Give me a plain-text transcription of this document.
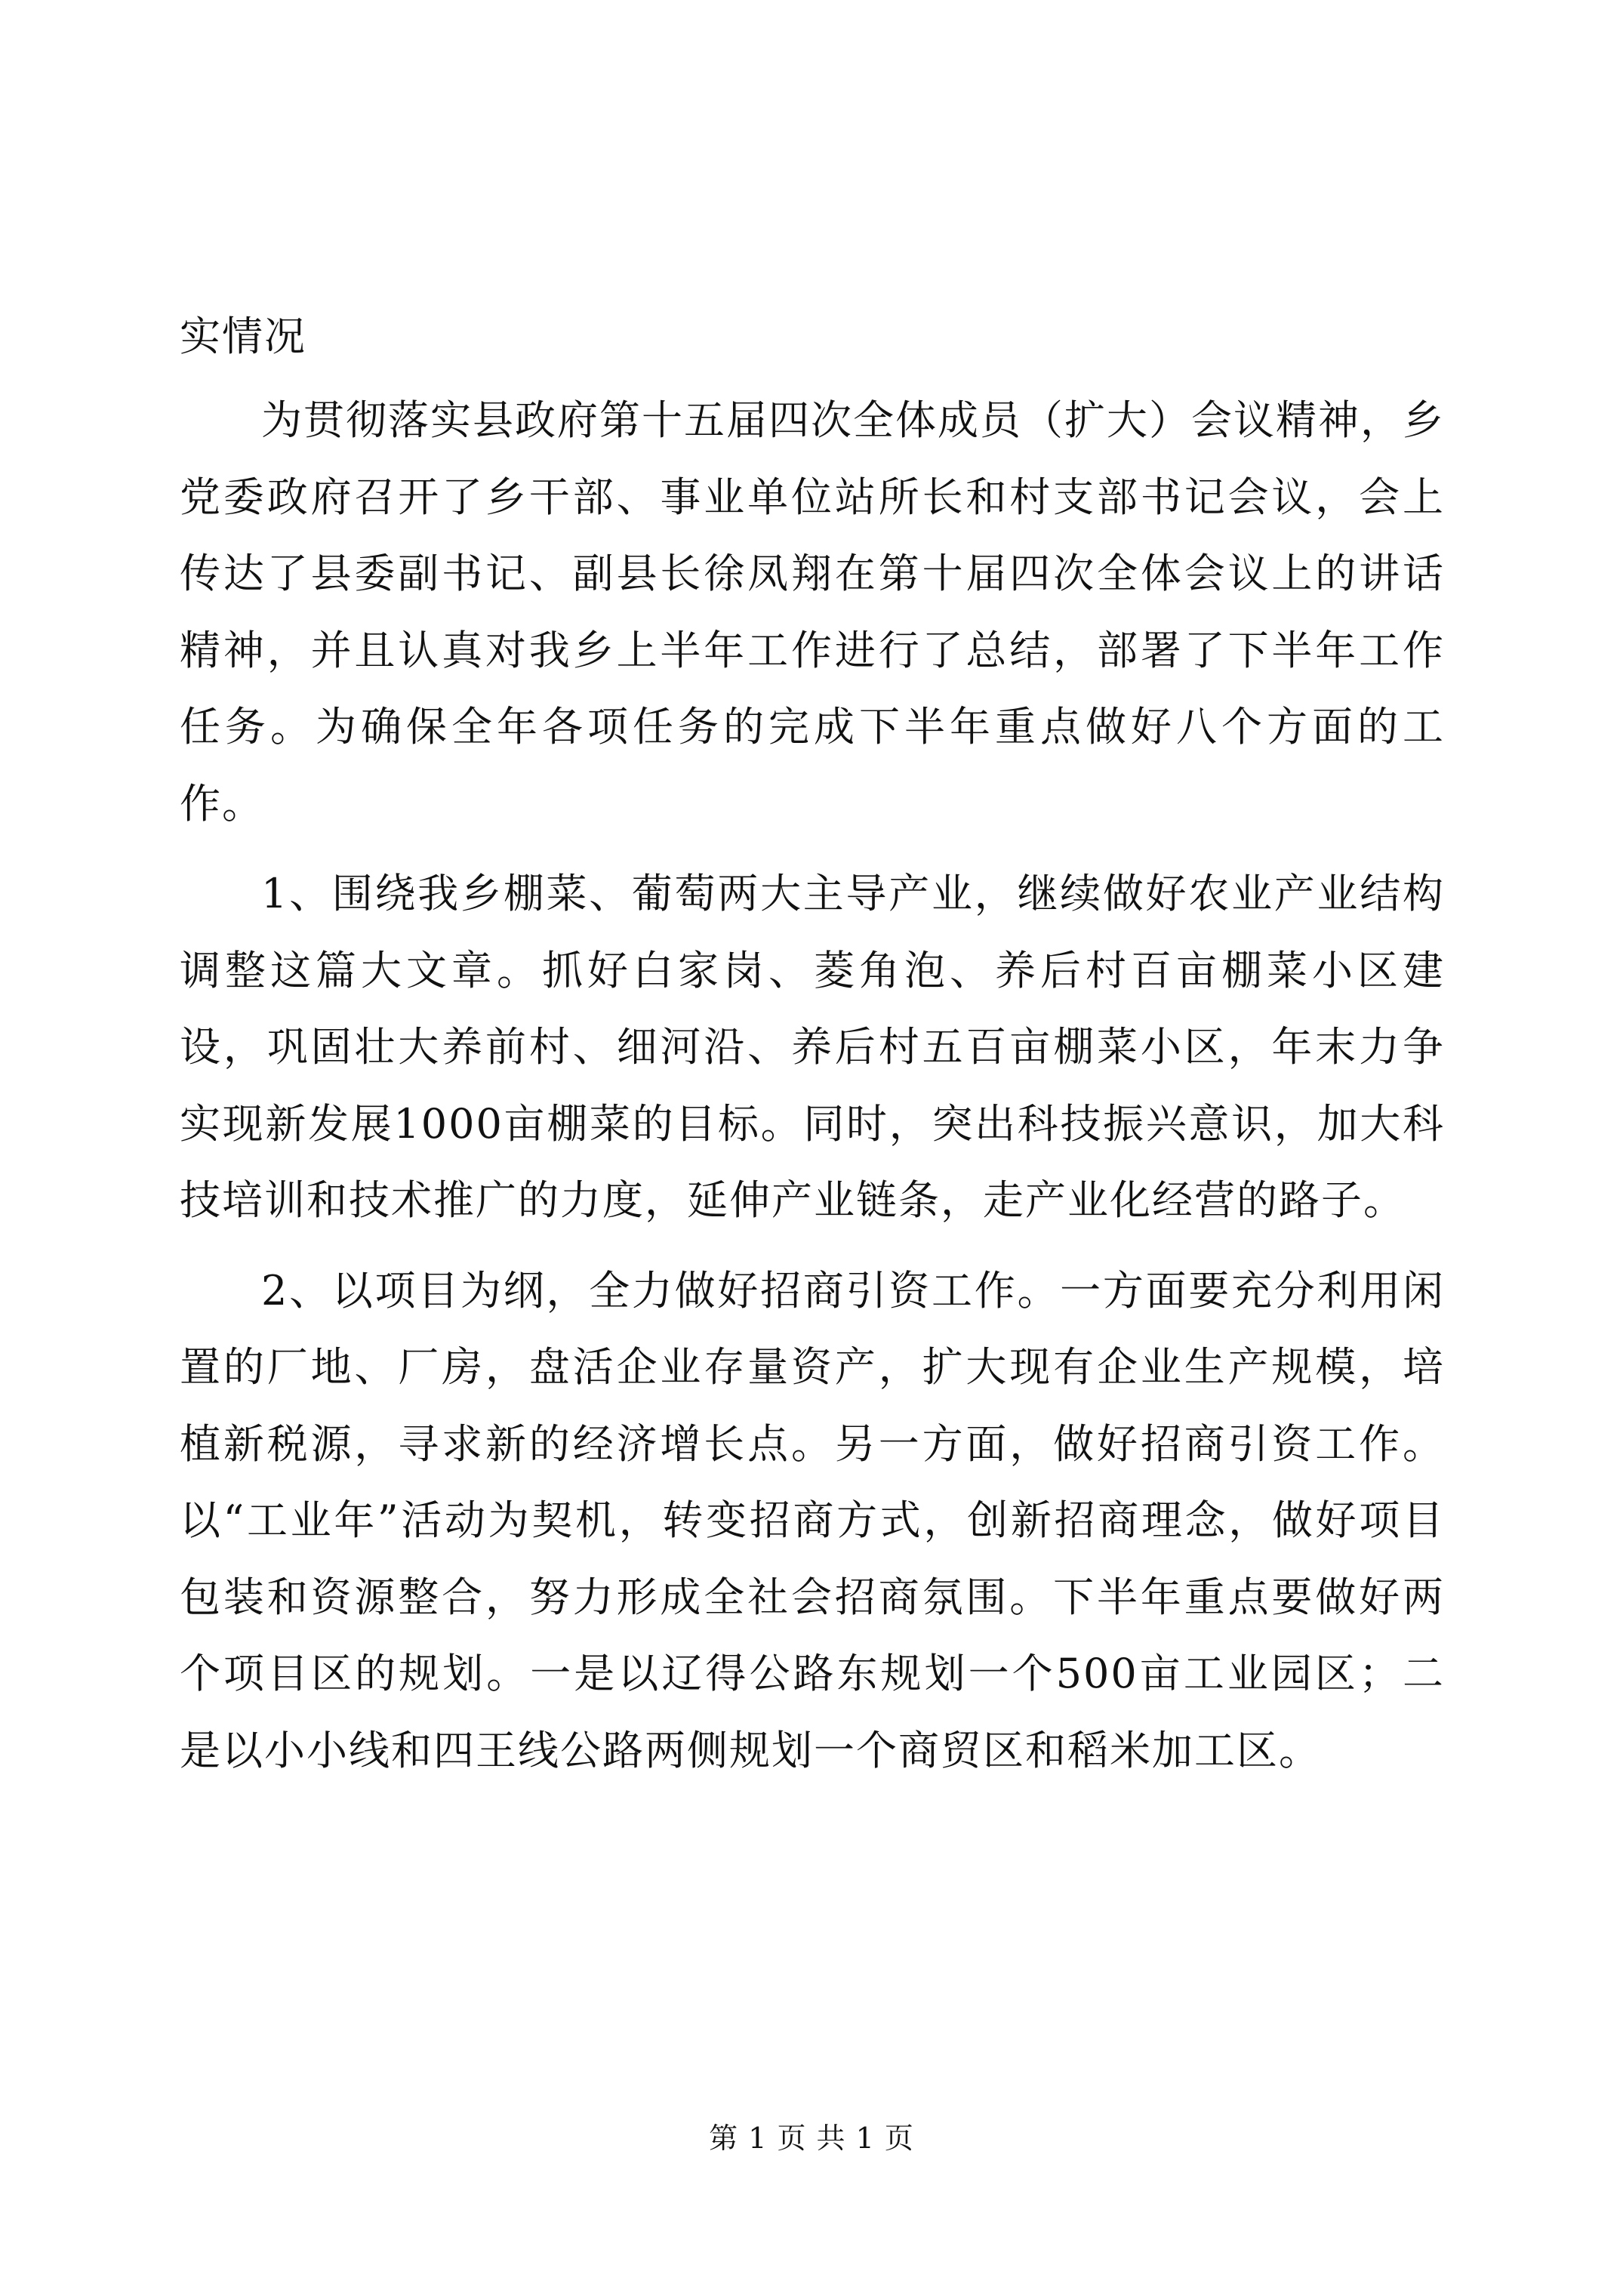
实情况

为贯彻落实县政府第十五届四次全体成员（扩大）会议精神，乡党委政府召开了乡干部、事业单位站所长和村支部书记会议，会上传达了县委副书记、副县长徐凤翔在第十届四次全体会议上的讲话精神，并且认真对我乡上半年工作进行了总结，部署了下半年工作任务。为确保全年各项任务的完成下半年重点做好八个方面的工作。

1、围绕我乡棚菜、葡萄两大主导产业，继续做好农业产业结构调整这篇大文章。抓好白家岗、菱角泡、养后村百亩棚菜小区建设，巩固壮大养前村、细河沿、养后村五百亩棚菜小区，年末力争实现新发展1000亩棚菜的目标。同时，突出科技振兴意识，加大科技培训和技术推广的力度，延伸产业链条，走产业化经营的路子。

2、以项目为纲，全力做好招商引资工作。一方面要充分利用闲置的厂地、厂房，盘活企业存量资产，扩大现有企业生产规模，培植新税源，寻求新的经济增长点。另一方面，做好招商引资工作。以“工业年”活动为契机，转变招商方式，创新招商理念，做好项目包装和资源整合，努力形成全社会招商氛围。下半年重点要做好两个项目区的规划。一是以辽得公路东规划一个500亩工业园区；二是以小小线和四王线公路两侧规划一个商贸区和稻米加工区。

第 1 页 共 1 页
